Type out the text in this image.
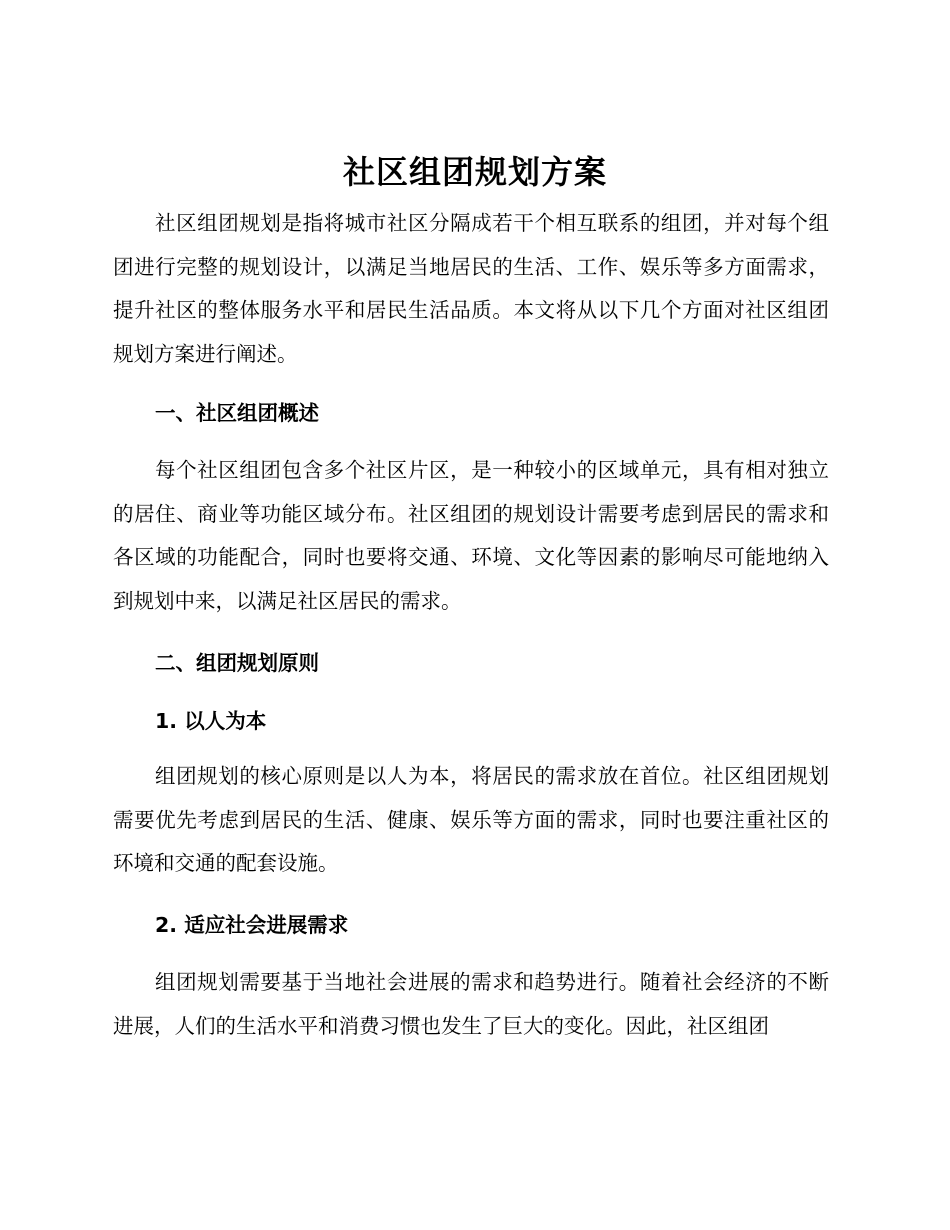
社区组团规划方案

社区组团规划是指将城市社区分隔成若干个相互联系的组团，并对每个组团进行完整的规划设计，以满足当地居民的生活、工作、娱乐等多方面需求，提升社区的整体服务水平和居民生活品质。本文将从以下几个方面对社区组团规划方案进行阐述。

一、社区组团概述

每个社区组团包含多个社区片区，是一种较小的区域单元，具有相对独立的居住、商业等功能区域分布。社区组团的规划设计需要考虑到居民的需求和各区域的功能配合，同时也要将交通、环境、文化等因素的影响尽可能地纳入到规划中来，以满足社区居民的需求。

二、组团规划原则
1. 以人为本

组团规划的核心原则是以人为本，将居民的需求放在首位。社区组团规划需要优先考虑到居民的生活、健康、娱乐等方面的需求，同时也要注重社区的环境和交通的配套设施。

2. 适应社会进展需求

组团规划需要基于当地社会进展的需求和趋势进行。随着社会经济的不断进展，人们的生活水平和消费习惯也发生了巨大的变化。因此，社区组团
